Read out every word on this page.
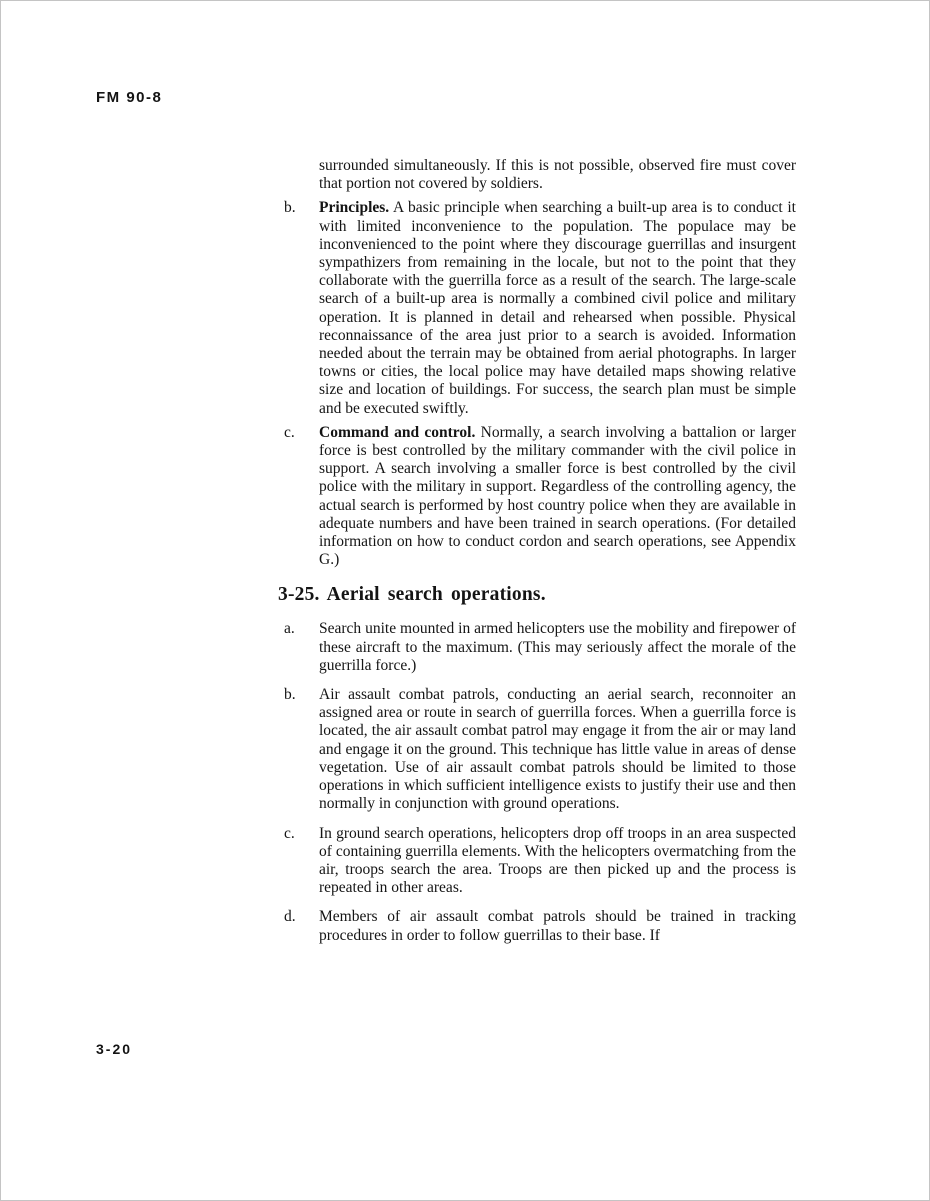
FM 90-8
surrounded simultaneously. If this is not possible, observed fire must cover that portion not covered by soldiers.
b.	Principles. A basic principle when searching a built-up area is to conduct it with limited inconvenience to the population. The populace may be inconvenienced to the point where they discourage guerrillas and insurgent sympathizers from remaining in the locale, but not to the point that they collaborate with the guerrilla force as a result of the search. The large-scale search of a built-up area is normally a combined civil police and military operation. It is planned in detail and rehearsed when possible. Physical reconnaissance of the area just prior to a search is avoided. Information needed about the terrain may be obtained from aerial photographs. In larger towns or cities, the local police may have detailed maps showing relative size and location of buildings. For success, the search plan must be simple and be executed swiftly.
c.	Command and control. Normally, a search involving a battalion or larger force is best controlled by the military commander with the civil police in support. A search involving a smaller force is best controlled by the civil police with the military in support. Regardless of the controlling agency, the actual search is performed by host country police when they are available in adequate numbers and have been trained in search operations. (For detailed information on how to conduct cordon and search operations, see Appendix G.)
3-25. Aerial search operations.
a.	Search unite mounted in armed helicopters use the mobility and firepower of these aircraft to the maximum. (This may seriously affect the morale of the guerrilla force.)
b.	Air assault combat patrols, conducting an aerial search, reconnoiter an assigned area or route in search of guerrilla forces. When a guerrilla force is located, the air assault combat patrol may engage it from the air or may land and engage it on the ground. This technique has little value in areas of dense vegetation. Use of air assault combat patrols should be limited to those operations in which sufficient intelligence exists to justify their use and then normally in conjunction with ground operations.
c.	In ground search operations, helicopters drop off troops in an area suspected of containing guerrilla elements. With the helicopters overmatching from the air, troops search the area. Troops are then picked up and the process is repeated in other areas.
d.	Members of air assault combat patrols should be trained in tracking procedures in order to follow guerrillas to their base. If
3-20
